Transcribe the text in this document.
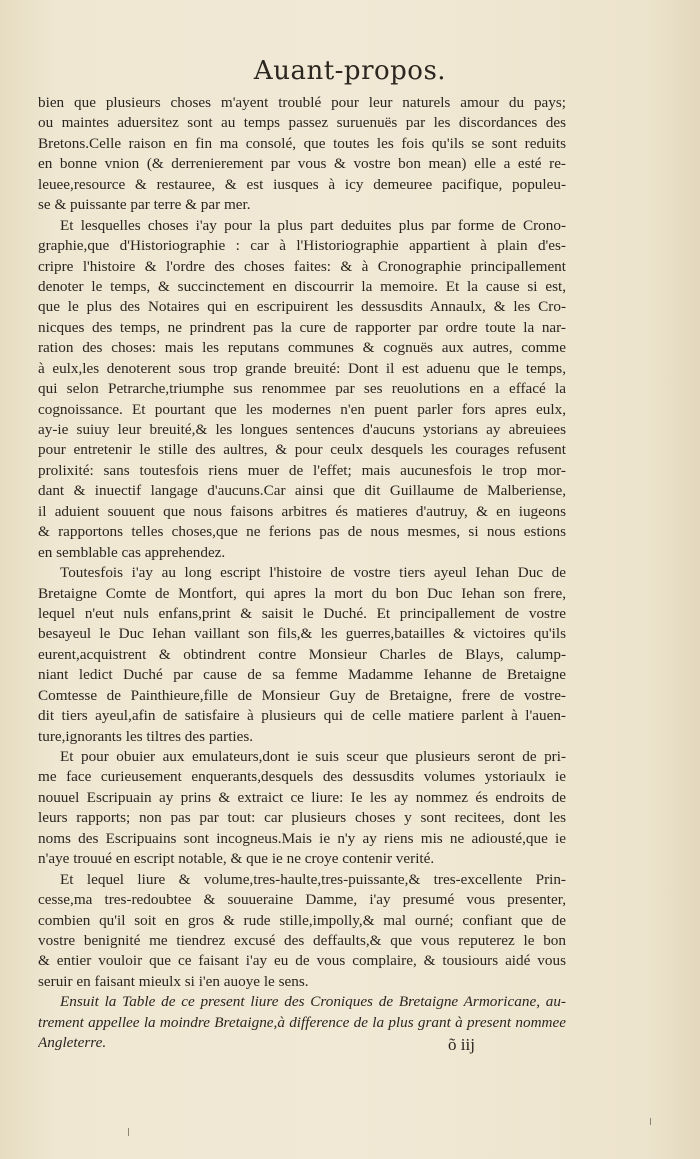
Auant-propos.
bien que plusieurs choses m'ayent troublé pour leur naturels amour du pays;
ou maintes aduersitez sont au temps passez suruenuës par les discordances des
Bretons.Celle raison en fin ma consolé, que toutes les fois qu'ils se sont reduits
en bonne vnion (& derrenierement par vous & vostre bon mean) elle a esté re-
leuee,resource & restauree, & est iusques à icy demeuree pacifique, populeu-
se & puissante par terre & par mer.
Et lesquelles choses i'ay pour la plus part deduites plus par forme de Crono-
graphie,que d'Historiographie : car à l'Historiographie appartient à plain d'es-
cripre l'histoire & l'ordre des choses faites: & à Cronographie principallement
denoter le temps, & succinctement en discourrir la memoire. Et la cause si est,
que le plus des Notaires qui en escripuirent les dessusdits Annaulx, & les Cro-
nicques des temps, ne prindrent pas la cure de rapporter par ordre toute la nar-
ration des choses: mais les reputans communes & cognuës aux autres, comme
à eulx,les denoterent sous trop grande breuité: Dont il est aduenu que le temps,
qui selon Petrarche,triumphe sus renommee par ses reuolutions en a effacé la
cognoissance. Et pourtant que les modernes n'en puent parler fors apres eulx,
ay-ie suiuy leur breuité,& les longues sentences d'aucuns ystorians ay abreuiees
pour entretenir le stille des aultres, & pour ceulx desquels les courages refusent
prolixité: sans toutesfois riens muer de l'effet; mais aucunesfois le trop mor-
dant & inuectif langage d'aucuns.Car ainsi que dit Guillaume de Malberiense,
il aduient souuent que nous faisons arbitres és matieres d'autruy, & en iugeons
& rapportons telles choses,que ne ferions pas de nous mesmes, si nous estions
en semblable cas apprehendez.
Toutesfois i'ay au long escript l'histoire de vostre tiers ayeul Iehan Duc de
Bretaigne Comte de Montfort, qui apres la mort du bon Duc Iehan son frere,
lequel n'eut nuls enfans,print & saisit le Duché. Et principallement de vostre
besayeul le Duc Iehan vaillant son fils,& les guerres,batailles & victoires qu'ils
eurent,acquistrent & obtindrent contre Monsieur Charles de Blays, calump-
niant ledict Duché par cause de sa femme Madamme Iehanne de Bretaigne
Comtesse de Painthieure,fille de Monsieur Guy de Bretaigne, frere de vostre-
dit tiers ayeul,afin de satisfaire à plusieurs qui de celle matiere parlent à l'auen-
ture,ignorants les tiltres des parties.
Et pour obuier aux emulateurs,dont ie suis sceur que plusieurs seront de pri-
me face curieusement enquerants,desquels des dessusdits volumes ystoriaulx ie
nouuel Escripuain ay prins & extraict ce liure: Ie les ay nommez és endroits de
leurs rapports; non pas par tout: car plusieurs choses y sont recitees, dont les
noms des Escripuains sont incogneus.Mais ie n'y ay riens mis ne adiousté,que ie
n'aye trouué en escript notable, & que ie ne croye contenir verité.
Et lequel liure & volume,tres-haulte,tres-puissante,& tres-excellente Prin-
cesse,ma tres-redoubtee & souueraine Damme, i'ay presumé vous presenter,
combien qu'il soit en gros & rude stille,impolly,& mal ourné; confiant que de
vostre benignité me tiendrez excusé des deffaults,& que vous reputerez le bon
& entier vouloir que ce faisant i'ay eu de vous complaire, & tousiours aidé vous
seruir en faisant mieulx si i'en auoye le sens.
Ensuit la Table de ce present liure des Croniques de Bretaigne Armoricane, au-
trement appellee la moindre Bretaigne,à difference de la plus grant à present nommee
Angleterre.	õ iij
